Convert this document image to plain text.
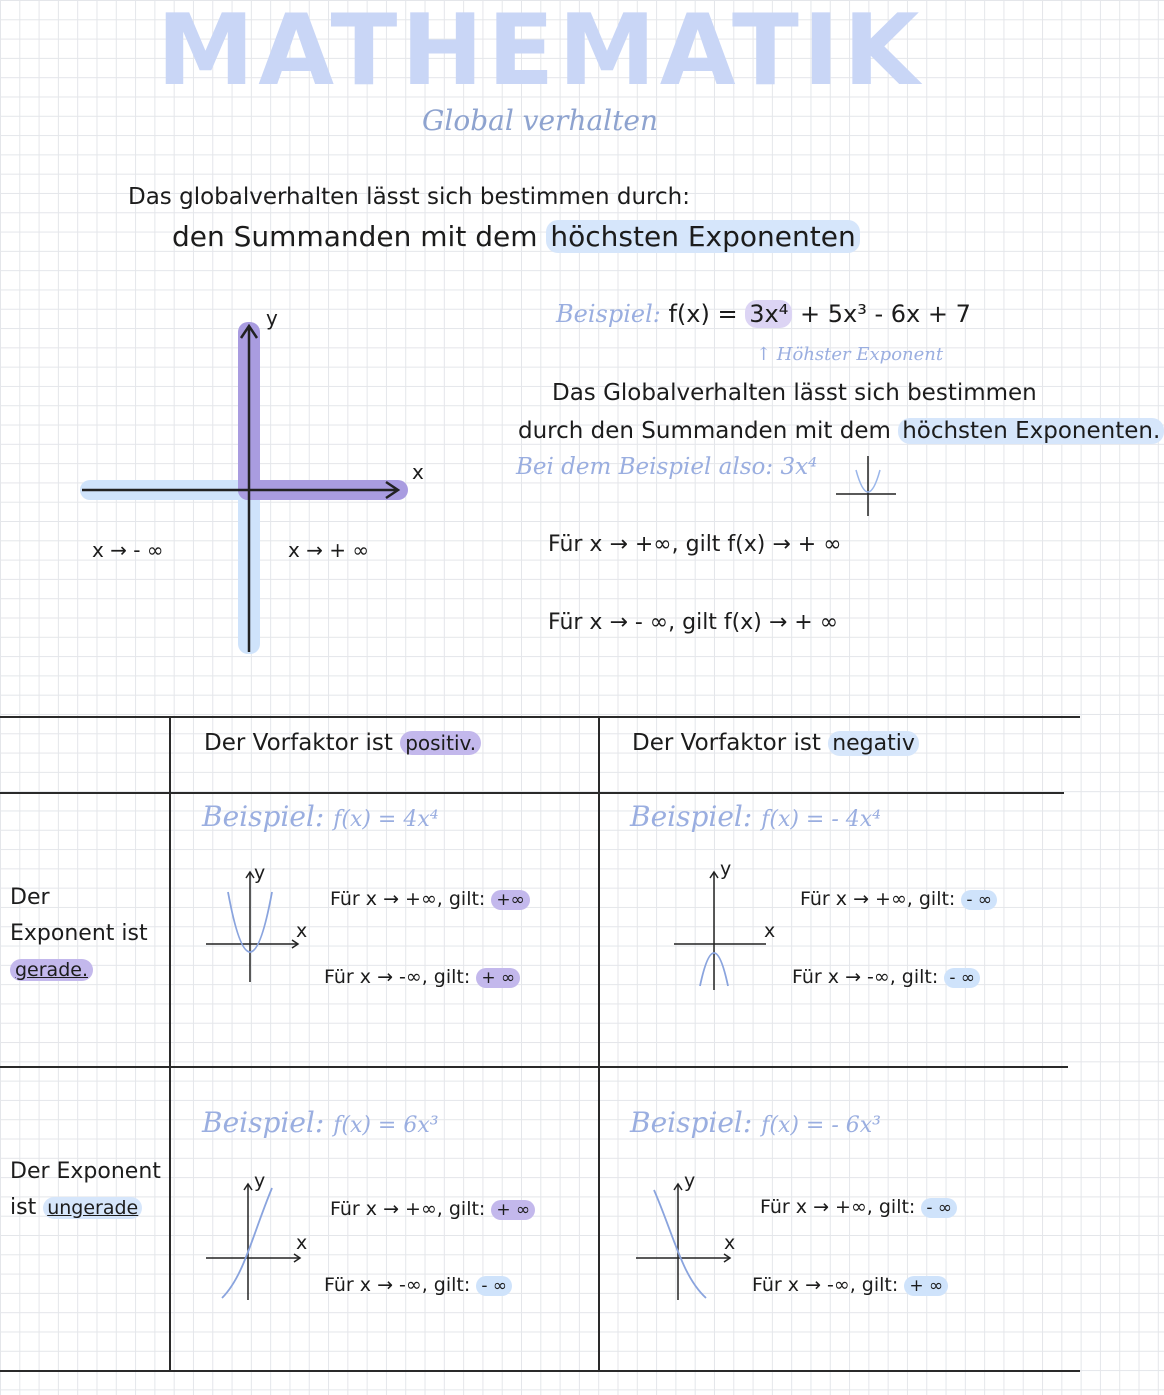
MATHEMATIK
Global verhalten
Das globalverhalten lässt sich bestimmen durch:
den Summanden mit dem höchsten Exponenten
y
x
x → - ∞	x → + ∞
Beispiel: f(x) = 3x⁴ + 5x³ - 6x + 7
↑ Höhster Exponent
Das Globalverhalten lässt sich bestimmen
durch den Summanden mit dem höchsten Exponenten.
Bei dem Beispiel also: 3x⁴
Für x → +∞, gilt f(x) → + ∞
Für x → - ∞, gilt f(x) → + ∞
Der Vorfaktor ist positiv.	Der Vorfaktor ist negativ
Der Exponent ist gerade.
Der Exponent ist ungerade
Beispiel: f(x) = 4x⁴
y
x
Für x → +∞, gilt: +∞
Für x → -∞, gilt: + ∞
Beispiel: f(x) = - 4x⁴
y
x
Für x → +∞, gilt: - ∞
Für x → -∞, gilt: - ∞
Beispiel: f(x) = 6x³
y
x
Für x → +∞, gilt: + ∞
Für x → -∞, gilt: - ∞
Beispiel: f(x) = - 6x³
y
x
Für x → +∞, gilt: - ∞
Für x → -∞, gilt: + ∞
